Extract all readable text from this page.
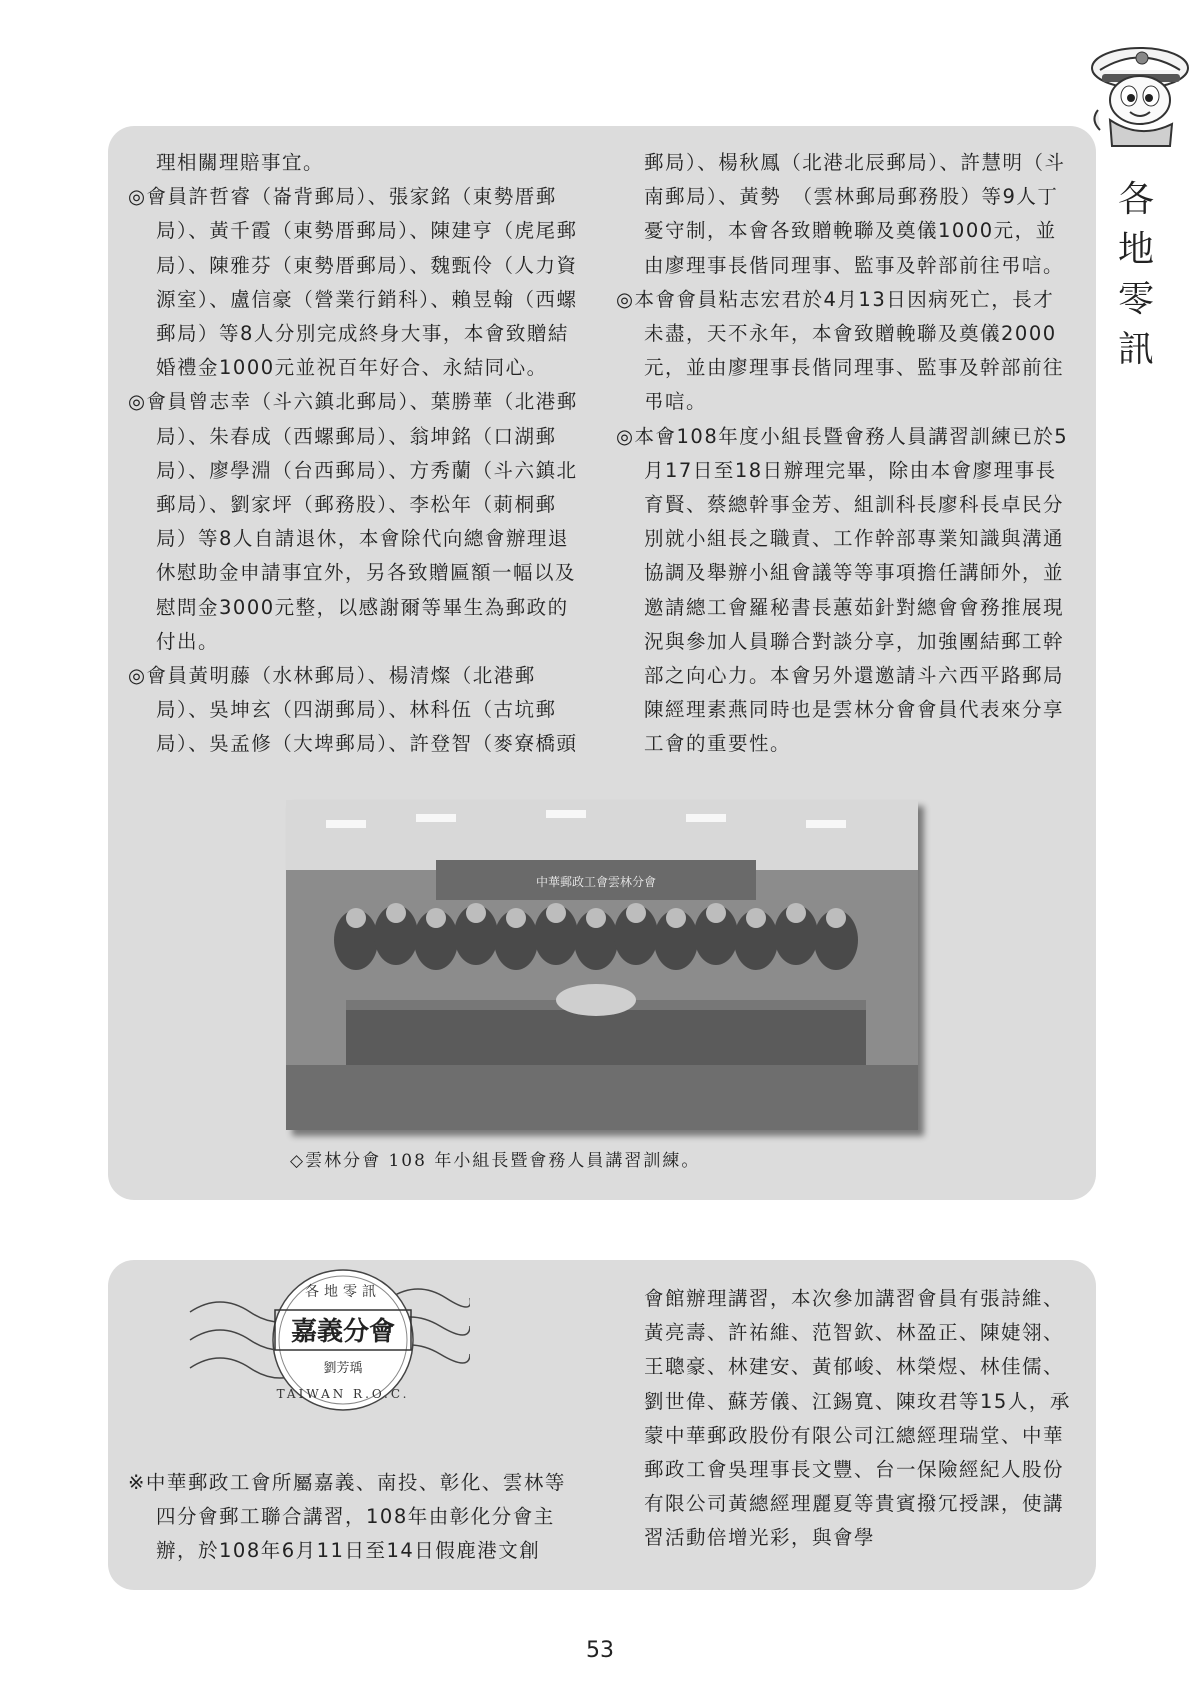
各地零訊

理相關理賠事宜。

◎會員許哲睿（崙背郵局）、張家銘（東勢厝郵局）、黃千霞（東勢厝郵局）、陳建亨（虎尾郵局）、陳雅芬（東勢厝郵局）、魏甄伶（人力資源室）、盧信豪（營業行銷科）、賴昱翰（西螺郵局）等8人分別完成終身大事，本會致贈結婚禮金1000元並祝百年好合、永結同心。

◎會員曾志幸（斗六鎮北郵局）、葉勝華（北港郵局）、朱春成（西螺郵局）、翁坤銘（口湖郵局）、廖學淵（台西郵局）、方秀蘭（斗六鎮北郵局）、劉家坪（郵務股）、李松年（莿桐郵局）等8人自請退休，本會除代向總會辦理退休慰助金申請事宜外，另各致贈匾額一幅以及慰問金3000元整，以感謝爾等畢生為郵政的付出。

◎會員黃明藤（水林郵局）、楊清燦（北港郵局）、吳坤玄（四湖郵局）、林科伍（古坑郵局）、吳孟修（大埤郵局）、許登智（麥寮橋頭

郵局）、楊秋鳳（北港北辰郵局）、許慧明（斗南郵局）、黃勢　（雲林郵局郵務股）等9人丁憂守制，本會各致贈輓聯及奠儀1000元，並由廖理事長偕同理事、監事及幹部前往弔唁。

◎本會會員粘志宏君於4月13日因病死亡，長才未盡，天不永年，本會致贈輓聯及奠儀2000元，並由廖理事長偕同理事、監事及幹部前往弔唁。

◎本會108年度小組長暨會務人員講習訓練已於5月17日至18日辦理完畢，除由本會廖理事長育賢、蔡總幹事金芳、組訓科長廖科長卓民分別就小組長之職責、工作幹部專業知識與溝通協調及舉辦小組會議等等事項擔任講師外，並邀請總工會羅秘書長蕙茹針對總會會務推展現況與參加人員聯合對談分享，加強團結郵工幹部之向心力。本會另外還邀請斗六西平路郵局陳經理素燕同時也是雲林分會會員代表來分享工會的重要性。

中華郵政工會雲林分會
◇雲林分會 108 年小組長暨會務人員講習訓練。
各地零訊
嘉義分會
劉芳瑀
TAIWAN R.O.C.

※中華郵政工會所屬嘉義、南投、彰化、雲林等四分會郵工聯合講習，108年由彰化分會主辦，於108年6月11日至14日假鹿港文創

會館辦理講習，本次參加講習會員有張詩維、黃亮壽、許祐維、范智欽、林盈正、陳婕翎、王聰豪、林建安、黃郁峻、林榮煜、林佳儒、劉世偉、蘇芳儀、江錫寬、陳玫君等15人，承蒙中華郵政股份有限公司江總經理瑞堂、中華郵政工會吳理事長文豐、台一保險經紀人股份有限公司黃總經理麗夏等貴賓撥冗授課，使講習活動倍增光彩，與會學

53
